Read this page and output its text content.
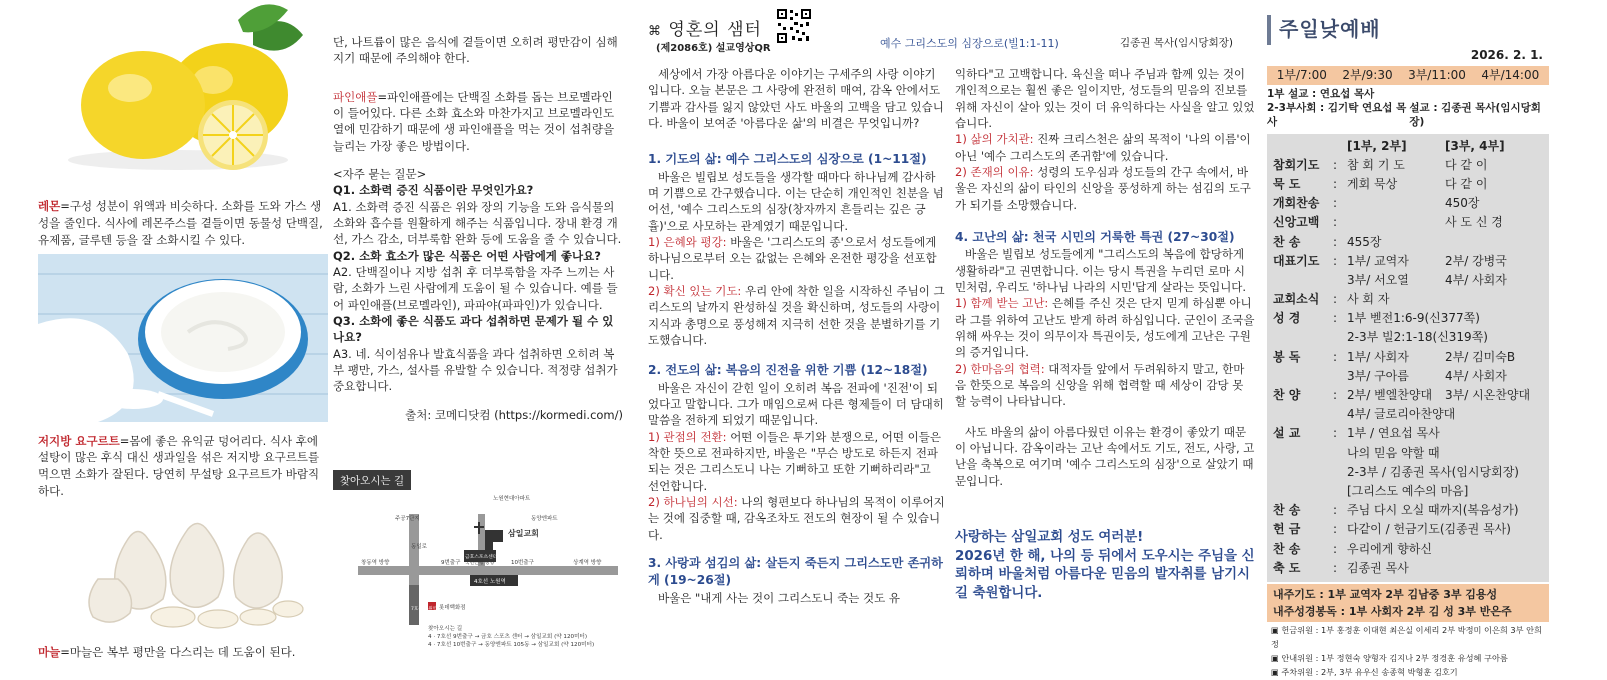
레몬=구성 성분이 위액과 비슷하다. 소화를 도와 가스 생성을 줄인다. 식사에 레몬주스를 곁들이면 동물성 단백질, 유제품, 글루텐 등을 잘 소화시킬 수 있다.

저지방 요구르트=몸에 좋은 유익균 덩어리다. 식사 후에 설탕이 많은 후식 대신 생과일을 섞은 저지방 요구르트를 먹으면 소화가 잘된다. 당연히 무설탕 요구르트가 바람직하다.

마늘=마늘은 복부 평만을 다스리는 데 도움이 된다.

단, 나트륨이 많은 음식에 곁들이면 오히려 평만감이 심해지기 때문에 주의해야 한다.

파인애플=파인애플에는 단백질 소화를 돕는 브로멜라인이 들어있다. 다른 소화 효소와 마찬가지고 브로멜라인도 열에 민감하기 때문에 생 파인애플을 먹는 것이 섭취량을 늘리는 가장 좋은 방법이다.

<자주 묻는 질문>

Q1. 소화력 증진 식품이란 무엇인가요?

A1. 소화력 증진 식품은 위와 장의 기능을 도와 음식물의 소화와 흡수를 원활하게 해주는 식품입니다. 장내 환경 개선, 가스 감소, 더부룩함 완화 등에 도움을 줄 수 있습니다.

Q2. 소화 효소가 많은 식품은 어떤 사람에게 좋나요?

A2. 단백질이나 지방 섭취 후 더부룩함을 자주 느끼는 사람, 소화가 느린 사람에게 도움이 될 수 있습니다. 예를 들어 파인애플(브로멜라인), 파파야(파파인)가 있습니다.

Q3. 소화에 좋은 식품도 과다 섭취하면 문제가 될 수 있나요?

A3. 네. 식이섬유나 발효식품을 과다 섭취하면 오히려 복부 팽만, 가스, 설사를 유발할 수 있습니다. 적정량 섭취가 중요합니다.

출처: 코메디닷컴 (https://kormedi.com/)

찾아오시는 길
노원현대아파트
동양엔파트
삼일교회
금호스포츠센터
국민은행 방향
창동역 방향	상계역 방향
9번출구	10번출구
4호선 노원역
7호선 노원역 롯데백화점
주공7단지
동일로
찾아오시는 길
4 · 7호선 9번출구 → 금호 스포츠 센터 → 삼일교회 (약 120미터)
4 · 7호선 10번출구 → 동양엔파트 105동 → 삼일교회 (약 120미터)
⌘ 영혼의 샘터
(제2086호) 설교영상QR	예수 그리스도의 심장으로(빌1:1-11)	김종권 목사(임시당회장)

세상에서 가장 아름다운 이야기는 구세주의 사랑 이야기입니다. 오늘 본문은 그 사랑에 완전히 매여, 감옥 안에서도 기쁨과 감사를 잃지 않았던 사도 바울의 고백을 담고 있습니다. 바울이 보여준 '아름다운 삶'의 비결은 무엇입니까?

1. 기도의 삶: 예수 그리스도의 심장으로 (1~11절)

바울은 빌립보 성도들을 생각할 때마다 하나님께 감사하며 기쁨으로 간구했습니다. 이는 단순히 개인적인 친분을 넘어선, '예수 그리스도의 심장(창자까지 흔들리는 깊은 긍휼)'으로 사모하는 관계였기 때문입니다.

1) 은혜와 평강: 바울은 '그리스도의 종'으로서 성도들에게 하나님으로부터 오는 값없는 은혜와 온전한 평강을 선포합니다.

2) 확신 있는 기도: 우리 안에 착한 일을 시작하신 주님이 그리스도의 날까지 완성하실 것을 확신하며, 성도들의 사랑이 지식과 총명으로 풍성해져 지극히 선한 것을 분별하기를 기도했습니다.

2. 전도의 삶: 복음의 진전을 위한 기쁨 (12~18절)

바울은 자신이 갇힌 일이 오히려 복음 전파에 '진전'이 되었다고 말합니다. 그가 매임으로써 다른 형제들이 더 담대히 말씀을 전하게 되었기 때문입니다.

1) 관점의 전환: 어떤 이들은 투기와 분쟁으로, 어떤 이들은 착한 뜻으로 전파하지만, 바울은 "무슨 방도로 하든지 전파되는 것은 그리스도니 나는 기뻐하고 또한 기뻐하리라"고 선언합니다.

2) 하나님의 시선: 나의 형편보다 하나님의 목적이 이루어지는 것에 집중할 때, 감옥조차도 전도의 현장이 될 수 있습니다.

3. 사랑과 섬김의 삶: 살든지 죽든지 그리스도만 존귀하게 (19~26절)

바울은 "내게 사는 것이 그리스도니 죽는 것도 유

익하다"고 고백합니다. 육신을 떠나 주님과 함께 있는 것이 개인적으로는 훨씬 좋은 일이지만, 성도들의 믿음의 진보를 위해 자신이 살아 있는 것이 더 유익하다는 사실을 알고 있었습니다.

1) 삶의 가치관: 진짜 크리스천은 삶의 목적이 '나의 이름'이 아닌 '예수 그리스도의 존귀함'에 있습니다.

2) 존재의 이유: 성령의 도우심과 성도들의 간구 속에서, 바울은 자신의 삶이 타인의 신앙을 풍성하게 하는 섬김의 도구가 되기를 소망했습니다.

4. 고난의 삶: 천국 시민의 거룩한 특권 (27~30절)

바울은 빌립보 성도들에게 "그리스도의 복음에 합당하게 생활하라"고 권면합니다. 이는 당시 특권을 누리던 로마 시민처럼, 우리도 '하나님 나라의 시민'답게 살라는 뜻입니다.

1) 함께 받는 고난: 은혜를 주신 것은 단지 믿게 하심뿐 아니라 그를 위하여 고난도 받게 하려 하심입니다. 군인이 조국을 위해 싸우는 것이 의무이자 특권이듯, 성도에게 고난은 구원의 증거입니다.

2) 한마음의 협력: 대적자들 앞에서 두려워하지 말고, 한마음 한뜻으로 복음의 신앙을 위해 협력할 때 세상이 감당 못 할 능력이 나타납니다.

사도 바울의 삶이 아름다웠던 이유는 환경이 좋았기 때문이 아닙니다. 감옥이라는 고난 속에서도 기도, 전도, 사랑, 고난을 축복으로 여기며 '예수 그리스도의 심장'으로 살았기 때문입니다.

사랑하는 삼일교회 성도 여러분!

2026년 한 해, 나의 등 뒤에서 도우시는 주님을 신뢰하며 바울처럼 아름다운 믿음의 발자취를 남기시길 축원합니다.

주일낮예배
2026. 2. 1.
1부/7:00 2부/9:30 3부/11:00 4부/14:00
1부 설교 : 연요섭 목사
2-3부사회 : 김기탁 연요섭 목사
설교 : 김종권 목사(임시당회장)
[1부, 2부]	[3부, 4부]
참회기도	: 참 회 기 도	다 같 이
묵 도	: 게회 묵상	다 같 이
개회찬송	:	450장
신앙고백	:	사 도 신 경
찬 송	: 455장
대표기도	: 1부/ 교역자	2부/ 강병국
3부/ 서오열	4부/ 사회자
교회소식	: 사 회 자
성 경	: 1부 벧전1:6-9(신377쪽)
2-3부 빌2:1-18(신319쪽)
봉 독	: 1부/ 사회자	2부/ 김미숙B
3부/ 구아름	4부/ 사회자
찬 양	: 2부/ 벧엘찬양대	3부/ 시온찬양대
4부/ 글로리아찬양대
설 교	: 1부 / 연요섭 목사
나의 믿음 약할 때
2-3부 / 김종권 목사(임시당회장)
[그리스도 예수의 마음]
찬 송	: 주님 다시 오실 때까지(복음성가)
헌 금	: 다같이 / 헌금기도(김종권 목사)
찬 송	: 우리에게 향하신
축 도	: 김종권 목사
내주기도 : 1부 교역자 2부 김남중 3부 김용성
내주성경봉독 : 1부 사회자 2부 김 성 3부 반은주
▣ 헌금위원 : 1부 홍정훈 이대현 최은실 이세리 2부 박정미 이은희 3부 안희정
▣ 안내위원 : 1부 정현숙 양형자 김지나 2부 정경훈 유성혜 구아름
▣ 주차위원 : 2부, 3부 유우신 송종혁 박형훈 김호기
